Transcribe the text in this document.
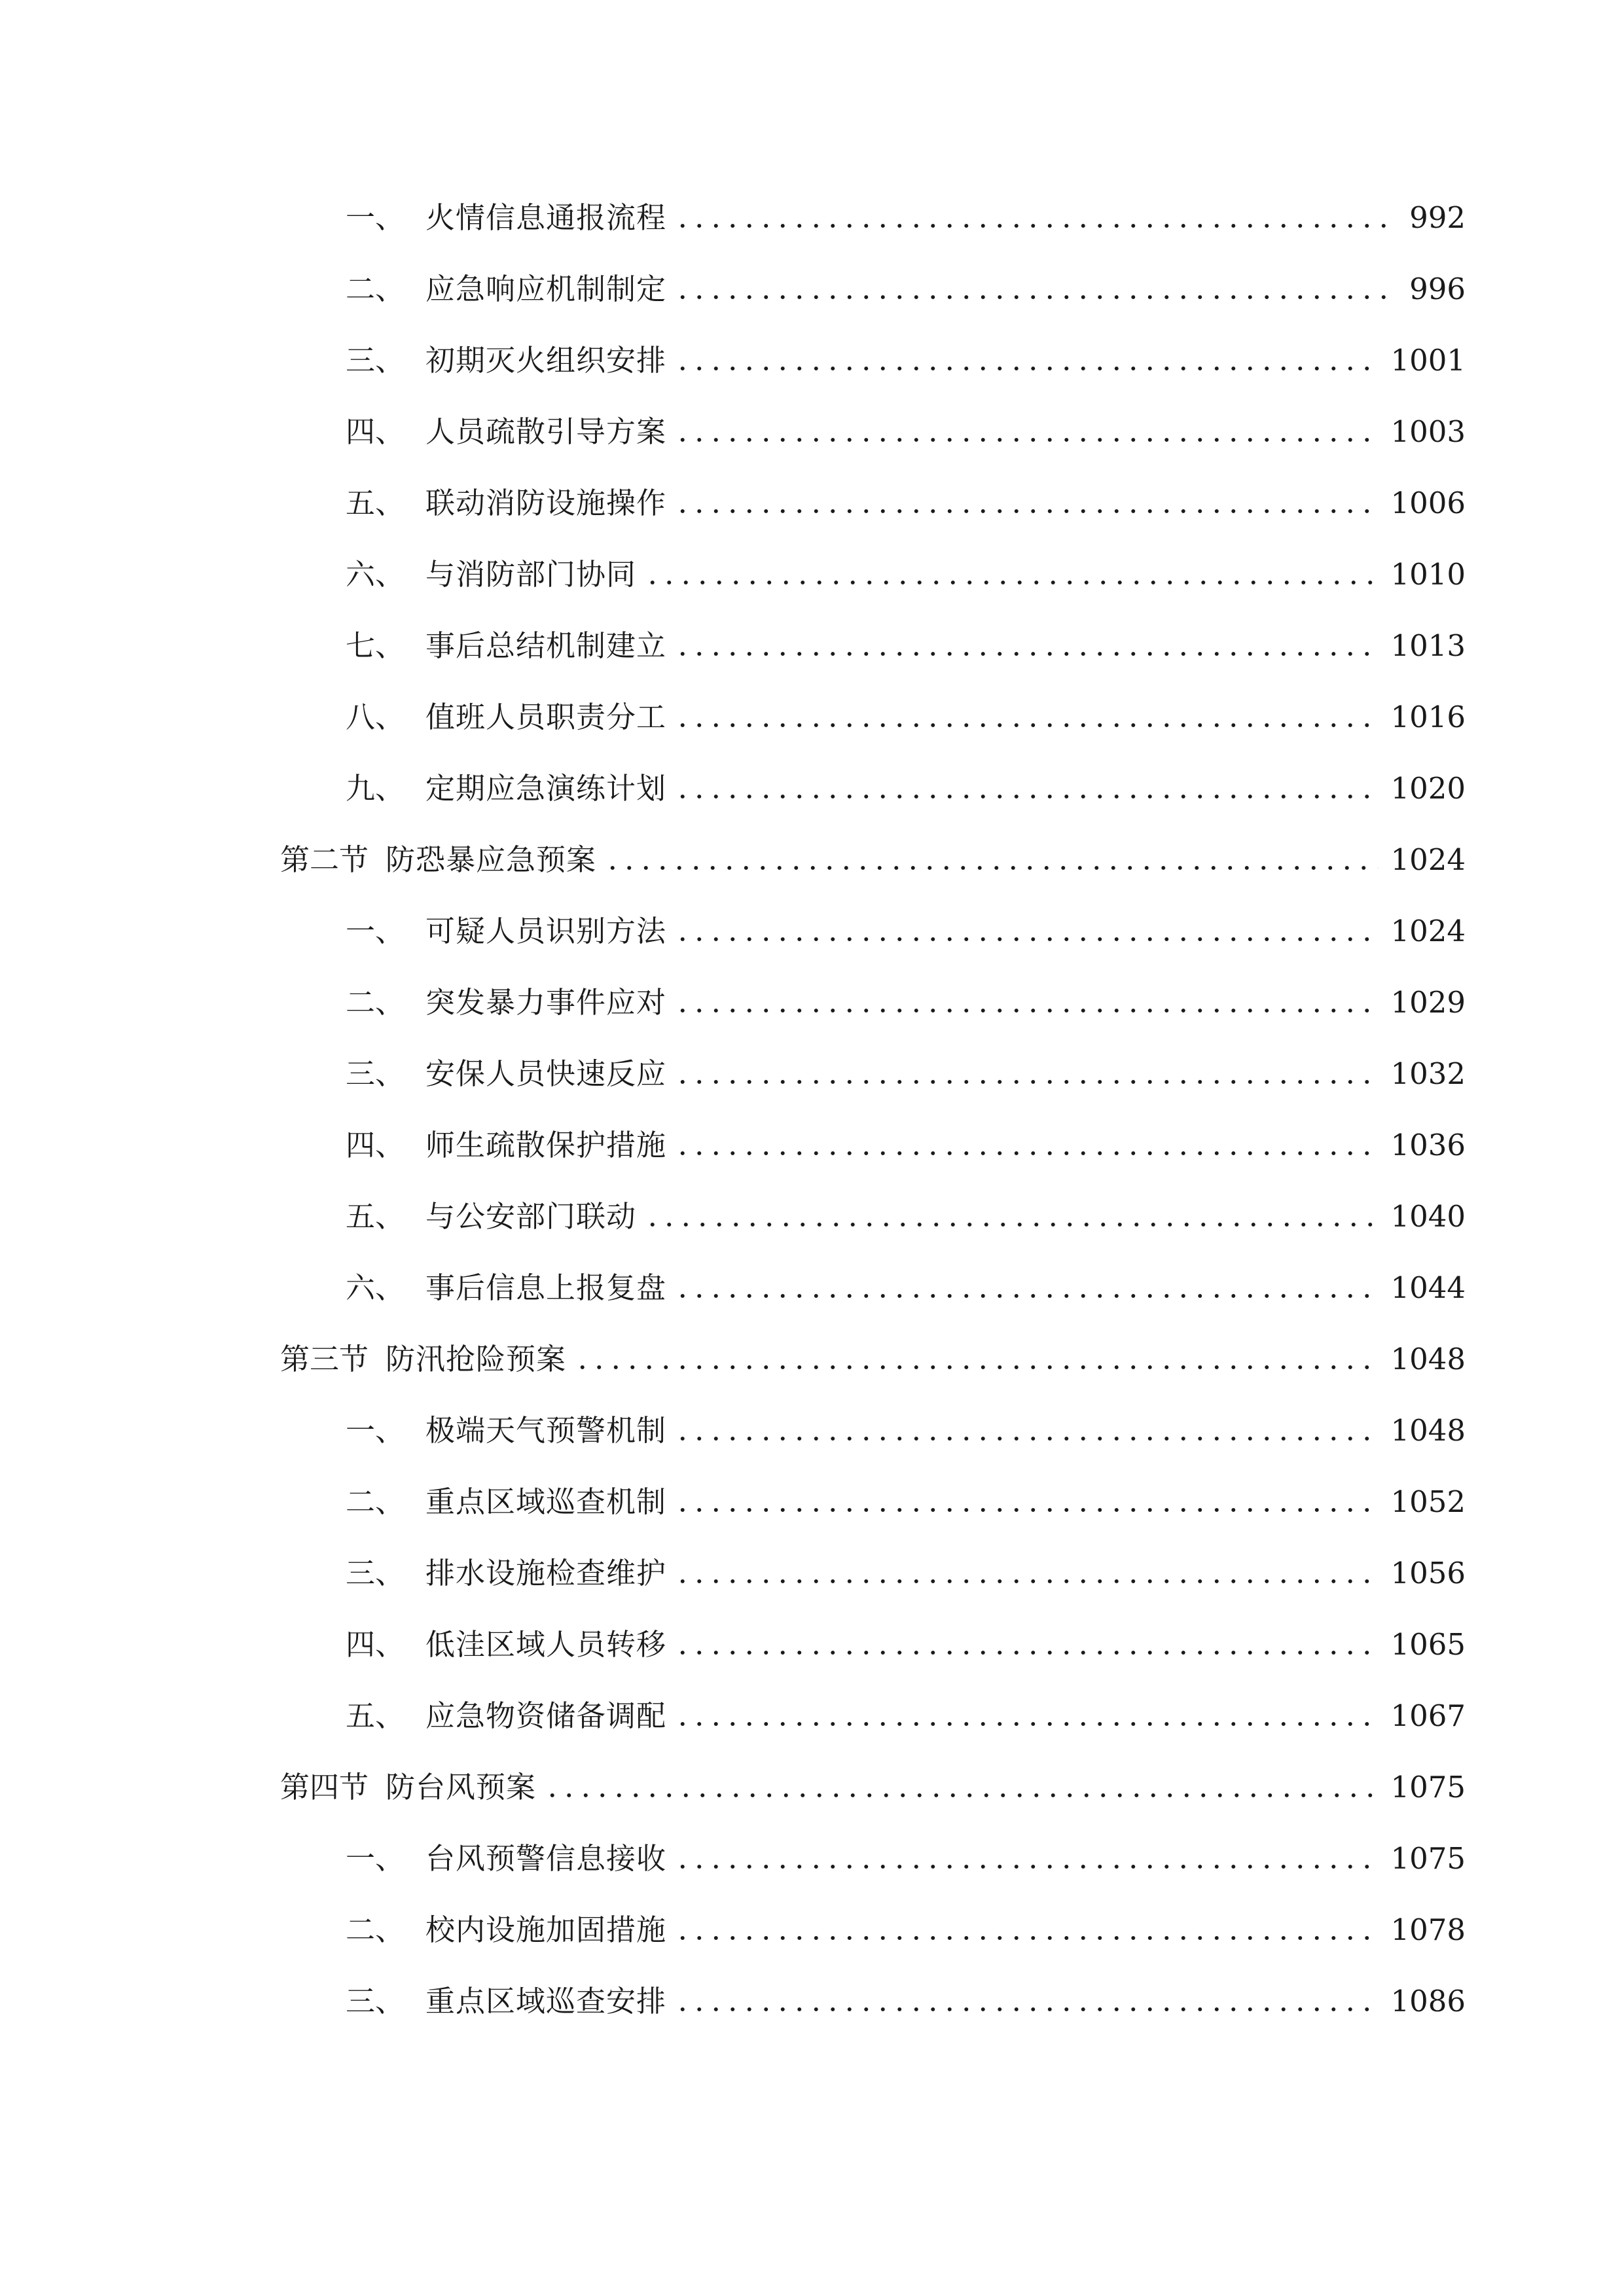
一、 火情信息通报流程	992
二、 应急响应机制制定	996
三、 初期灭火组织安排	1001
四、 人员疏散引导方案	1003
五、 联动消防设施操作	1006
六、 与消防部门协同	1010
七、 事后总结机制建立	1013
八、 值班人员职责分工	1016
九、 定期应急演练计划	1020
第二节 防恐暴应急预案	1024
一、 可疑人员识别方法	1024
二、 突发暴力事件应对	1029
三、 安保人员快速反应	1032
四、 师生疏散保护措施	1036
五、 与公安部门联动	1040
六、 事后信息上报复盘	1044
第三节 防汛抢险预案	1048
一、 极端天气预警机制	1048
二、 重点区域巡查机制	1052
三、 排水设施检查维护	1056
四、 低洼区域人员转移	1065
五、 应急物资储备调配	1067
第四节 防台风预案	1075
一、 台风预警信息接收	1075
二、 校内设施加固措施	1078
三、 重点区域巡查安排	1086
